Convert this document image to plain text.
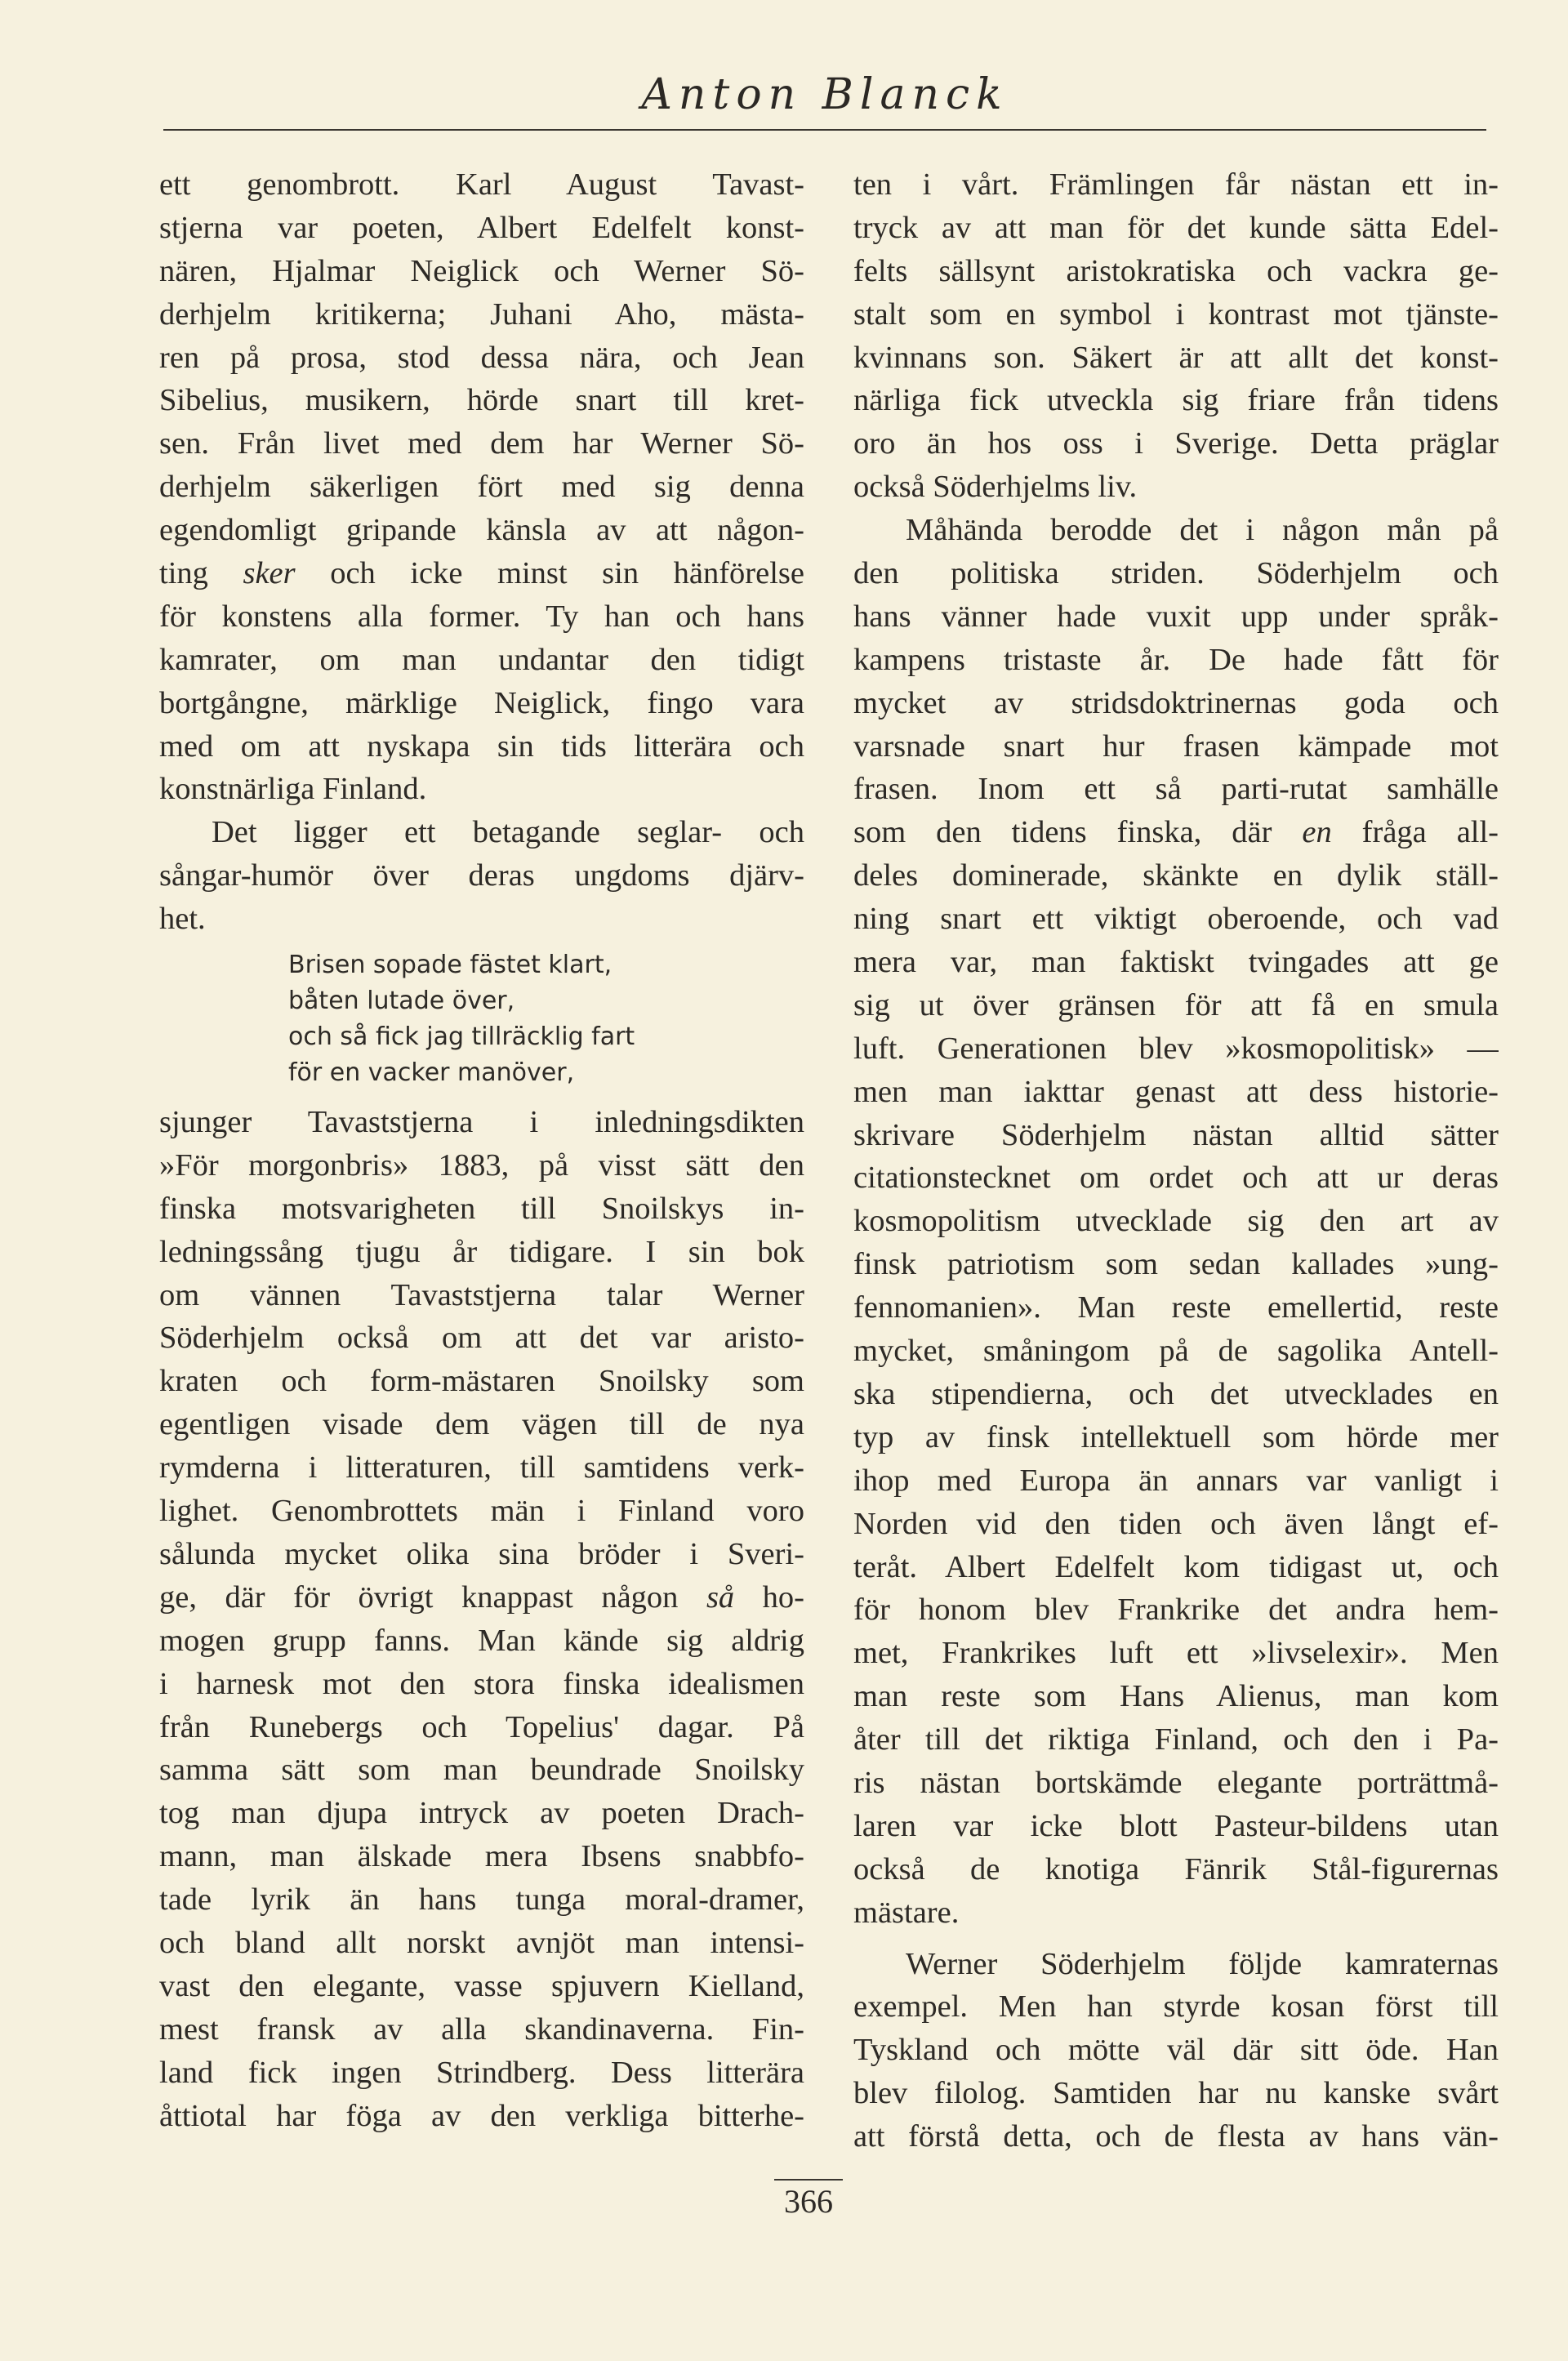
Anton Blanck
ett genombrott. Karl August Tavast-
stjerna var poeten, Albert Edelfelt konst-
nären, Hjalmar Neiglick och Werner Sö-
derhjelm kritikerna; Juhani Aho, mästa-
ren på prosa, stod dessa nära, och Jean
Sibelius, musikern, hörde snart till kret-
sen. Från livet med dem har Werner Sö-
derhjelm säkerligen fört med sig denna
egendomligt gripande känsla av att någon-
ting sker och icke minst sin hänförelse
för konstens alla former. Ty han och hans
kamrater, om man undantar den tidigt
bortgångne, märklige Neiglick, fingo vara
med om att nyskapa sin tids litterära och
konstnärliga Finland.
Det ligger ett betagande seglar- och
sångar-humör över deras ungdoms djärv-
het.
Brisen sopade fästet klart,
båten lutade över,
och så fick jag tillräcklig fart
för en vacker manöver,
sjunger Tavaststjerna i inledningsdikten
»För morgonbris» 1883, på visst sätt den
finska motsvarigheten till Snoilskys in-
ledningssång tjugu år tidigare. I sin bok
om vännen Tavaststjerna talar Werner
Söderhjelm också om att det var aristo-
kraten och form-mästaren Snoilsky som
egentligen visade dem vägen till de nya
rymderna i litteraturen, till samtidens verk-
lighet. Genombrottets män i Finland voro
sålunda mycket olika sina bröder i Sveri-
ge, där för övrigt knappast någon så ho-
mogen grupp fanns. Man kände sig aldrig
i harnesk mot den stora finska idealismen
från Runebergs och Topelius' dagar. På
samma sätt som man beundrade Snoilsky
tog man djupa intryck av poeten Drach-
mann, man älskade mera Ibsens snabbfo-
tade lyrik än hans tunga moral-dramer,
och bland allt norskt avnjöt man intensi-
vast den elegante, vasse spjuvern Kielland,
mest fransk av alla skandinaverna. Fin-
land fick ingen Strindberg. Dess litterära
åttiotal har föga av den verkliga bitterhe-
ten i vårt. Främlingen får nästan ett in-
tryck av att man för det kunde sätta Edel-
felts sällsynt aristokratiska och vackra ge-
stalt som en symbol i kontrast mot tjänste-
kvinnans son. Säkert är att allt det konst-
närliga fick utveckla sig friare från tidens
oro än hos oss i Sverige. Detta präglar
också Söderhjelms liv.
Måhända berodde det i någon mån på
den politiska striden. Söderhjelm och
hans vänner hade vuxit upp under språk-
kampens tristaste år. De hade fått för
mycket av stridsdoktrinernas goda och
varsnade snart hur frasen kämpade mot
frasen. Inom ett så parti-rutat samhälle
som den tidens finska, där en fråga all-
deles dominerade, skänkte en dylik ställ-
ning snart ett viktigt oberoende, och vad
mera var, man faktiskt tvingades att ge
sig ut över gränsen för att få en smula
luft. Generationen blev »kosmopolitisk» —
men man iakttar genast att dess historie-
skrivare Söderhjelm nästan alltid sätter
citationstecknet om ordet och att ur deras
kosmopolitism utvecklade sig den art av
finsk patriotism som sedan kallades »ung-
fennomanien». Man reste emellertid, reste
mycket, småningom på de sagolika Antell-
ska stipendierna, och det utvecklades en
typ av finsk intellektuell som hörde mer
ihop med Europa än annars var vanligt i
Norden vid den tiden och även långt ef-
teråt. Albert Edelfelt kom tidigast ut, och
för honom blev Frankrike det andra hem-
met, Frankrikes luft ett »livselexir». Men
man reste som Hans Alienus, man kom
åter till det riktiga Finland, och den i Pa-
ris nästan bortskämde elegante porträttmå-
laren var icke blott Pasteur-bildens utan
också de knotiga Fänrik Stål-figurernas
mästare.
Werner Söderhjelm följde kamraternas
exempel. Men han styrde kosan först till
Tyskland och mötte väl där sitt öde. Han
blev filolog. Samtiden har nu kanske svårt
att förstå detta, och de flesta av hans vän-
366
